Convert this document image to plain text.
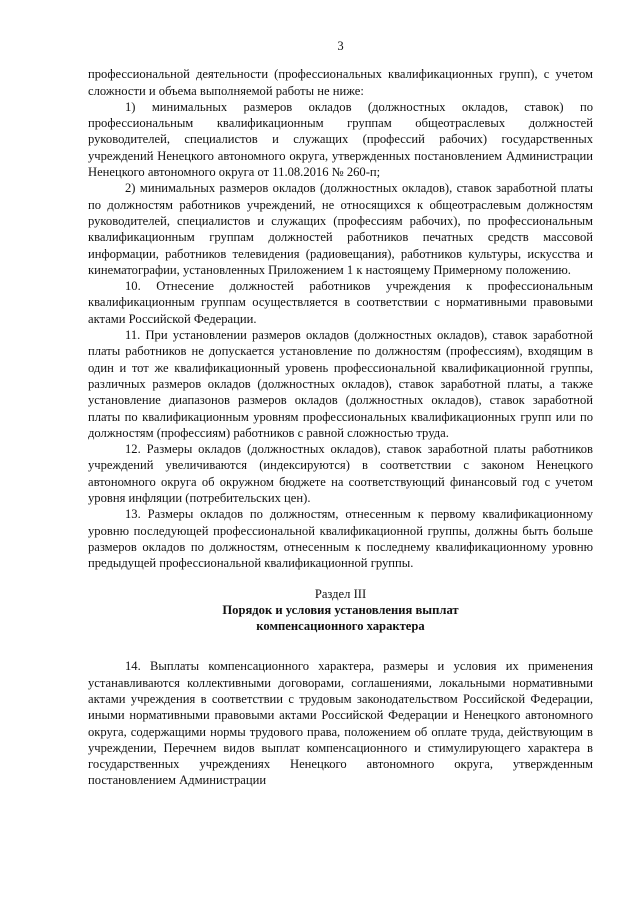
3

профессиональной деятельности (профессиональных квалификационных групп), с учетом сложности и объема выполняемой работы не ниже:

1) минимальных размеров окладов (должностных окладов, ставок) по профессиональным квалификационным группам общеотраслевых должностей руководителей, специалистов и служащих (профессий рабочих) государственных учреждений Ненецкого автономного округа, утвержденных постановлением Администрации Ненецкого автономного округа от 11.08.2016 № 260-п;

2) минимальных размеров окладов (должностных окладов), ставок заработной платы по должностям работников учреждений, не относящихся к общеотраслевым должностям руководителей, специалистов и служащих (профессиям рабочих), по профессиональным квалификационным группам должностей работников печатных средств массовой информации, работников телевидения (радиовещания), работников культуры, искусства и кинематографии, установленных Приложением 1 к настоящему Примерному положению.

10. Отнесение должностей работников учреждения к профессиональным квалификационным группам осуществляется в соответствии с нормативными правовыми актами Российской Федерации.

11. При установлении размеров окладов (должностных окладов), ставок заработной платы работников не допускается установление по должностям (профессиям), входящим в один и тот же квалификационный уровень профессиональной квалификационной группы, различных размеров окладов (должностных окладов), ставок заработной платы, а также установление диапазонов размеров окладов (должностных окладов), ставок заработной платы по квалификационным уровням профессиональных квалификационных групп или по должностям (профессиям) работников с равной сложностью труда.

12. Размеры окладов (должностных окладов), ставок заработной платы работников учреждений увеличиваются (индексируются) в соответствии с законом Ненецкого автономного округа об окружном бюджете на соответствующий финансовый год с учетом уровня инфляции (потребительских цен).

13. Размеры окладов по должностям, отнесенным к первому квалификационному уровню последующей профессиональной квалификационной группы, должны быть больше размеров окладов по должностям, отнесенным к последнему квалификационному уровню предыдущей профессиональной квалификационной группы.

Раздел III

Порядок и условия установления выплат

компенсационного характера

14. Выплаты компенсационного характера, размеры и условия их применения устанавливаются коллективными договорами, соглашениями, локальными нормативными актами учреждения в соответствии с трудовым законодательством Российской Федерации, иными нормативными правовыми актами Российской Федерации и Ненецкого автономного округа, содержащими нормы трудового права, положением об оплате труда, действующим в учреждении, Перечнем видов выплат компенсационного и стимулирующего характера в государственных учреждениях Ненецкого автономного округа, утвержденным постановлением Администрации
